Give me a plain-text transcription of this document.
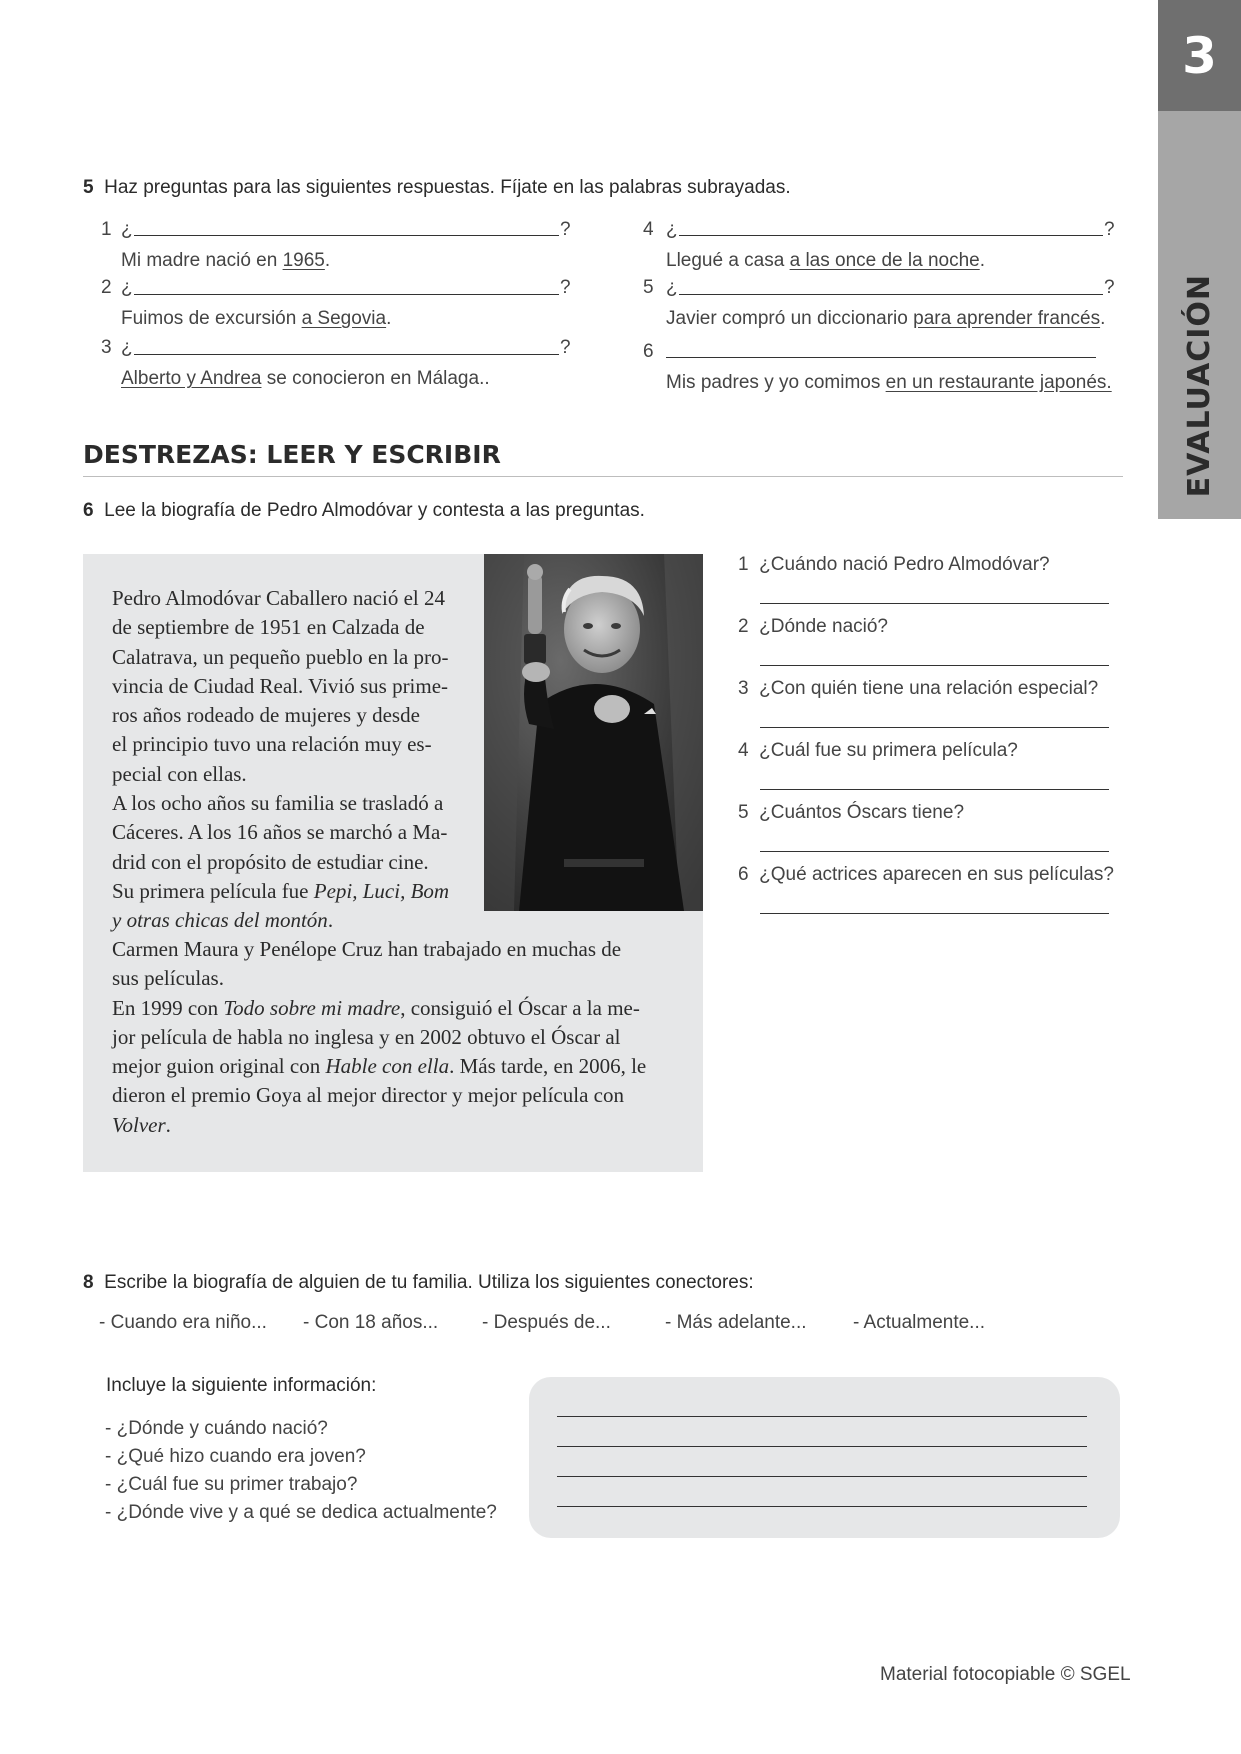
3
EVALUACIÓN
5 Haz preguntas para las siguientes respuestas. Fíjate en las palabras subrayadas.
1 ¿	?
Mi madre nació en 1965.
2 ¿	?
Fuimos de excursión a Segovia.
3 ¿	?
Alberto y Andrea se conocieron en Málaga..
4 ¿	?
Llegué a casa a las once de la noche.
5 ¿	?
Javier compró un diccionario para aprender francés.
6
Mis padres y yo comimos en un restaurante japonés.
DESTREZAS: LEER Y ESCRIBIR
6 Lee la biografía de Pedro Almodóvar y contesta a las preguntas.

Pedro Almodóvar Caballero nació el 24

de septiembre de 1951 en Calzada de

Calatrava, un pequeño pueblo en la pro-

vincia de Ciudad Real. Vivió sus prime-

ros años rodeado de mujeres y desde

el principio tuvo una relación muy es-

pecial con ellas.

A los ocho años su familia se trasladó a

Cáceres. A los 16 años se marchó a Ma-

drid con el propósito de estudiar cine.

Su primera película fue Pepi, Luci, Bom

y otras chicas del montón.

Carmen Maura y Penélope Cruz han trabajado en muchas de

sus películas.

En 1999 con Todo sobre mi madre, consiguió el Óscar a la me-

jor película de habla no inglesa y en 2002 obtuvo el Óscar al

mejor guion original con Hable con ella. Más tarde, en 2006, le

dieron el premio Goya al mejor director y mejor película con

Volver.

1 ¿Cuándo nació Pedro Almodóvar?
2 ¿Dónde nació?
3 ¿Con quién tiene una relación especial?
4 ¿Cuál fue su primera película?
5 ¿Cuántos Óscars tiene?
6 ¿Qué actrices aparecen en sus películas?
8 Escribe la biografía de alguien de tu familia. Utiliza los siguientes conectores:
- Cuando era niño... - Con 18 años... - Después de...	- Más adelante... - Actualmente...
Incluye la siguiente información:
- ¿Dónde y cuándo nació?
- ¿Qué hizo cuando era joven?
- ¿Cuál fue su primer trabajo?
- ¿Dónde vive y a qué se dedica actualmente?
Material fotocopiable © SGEL
